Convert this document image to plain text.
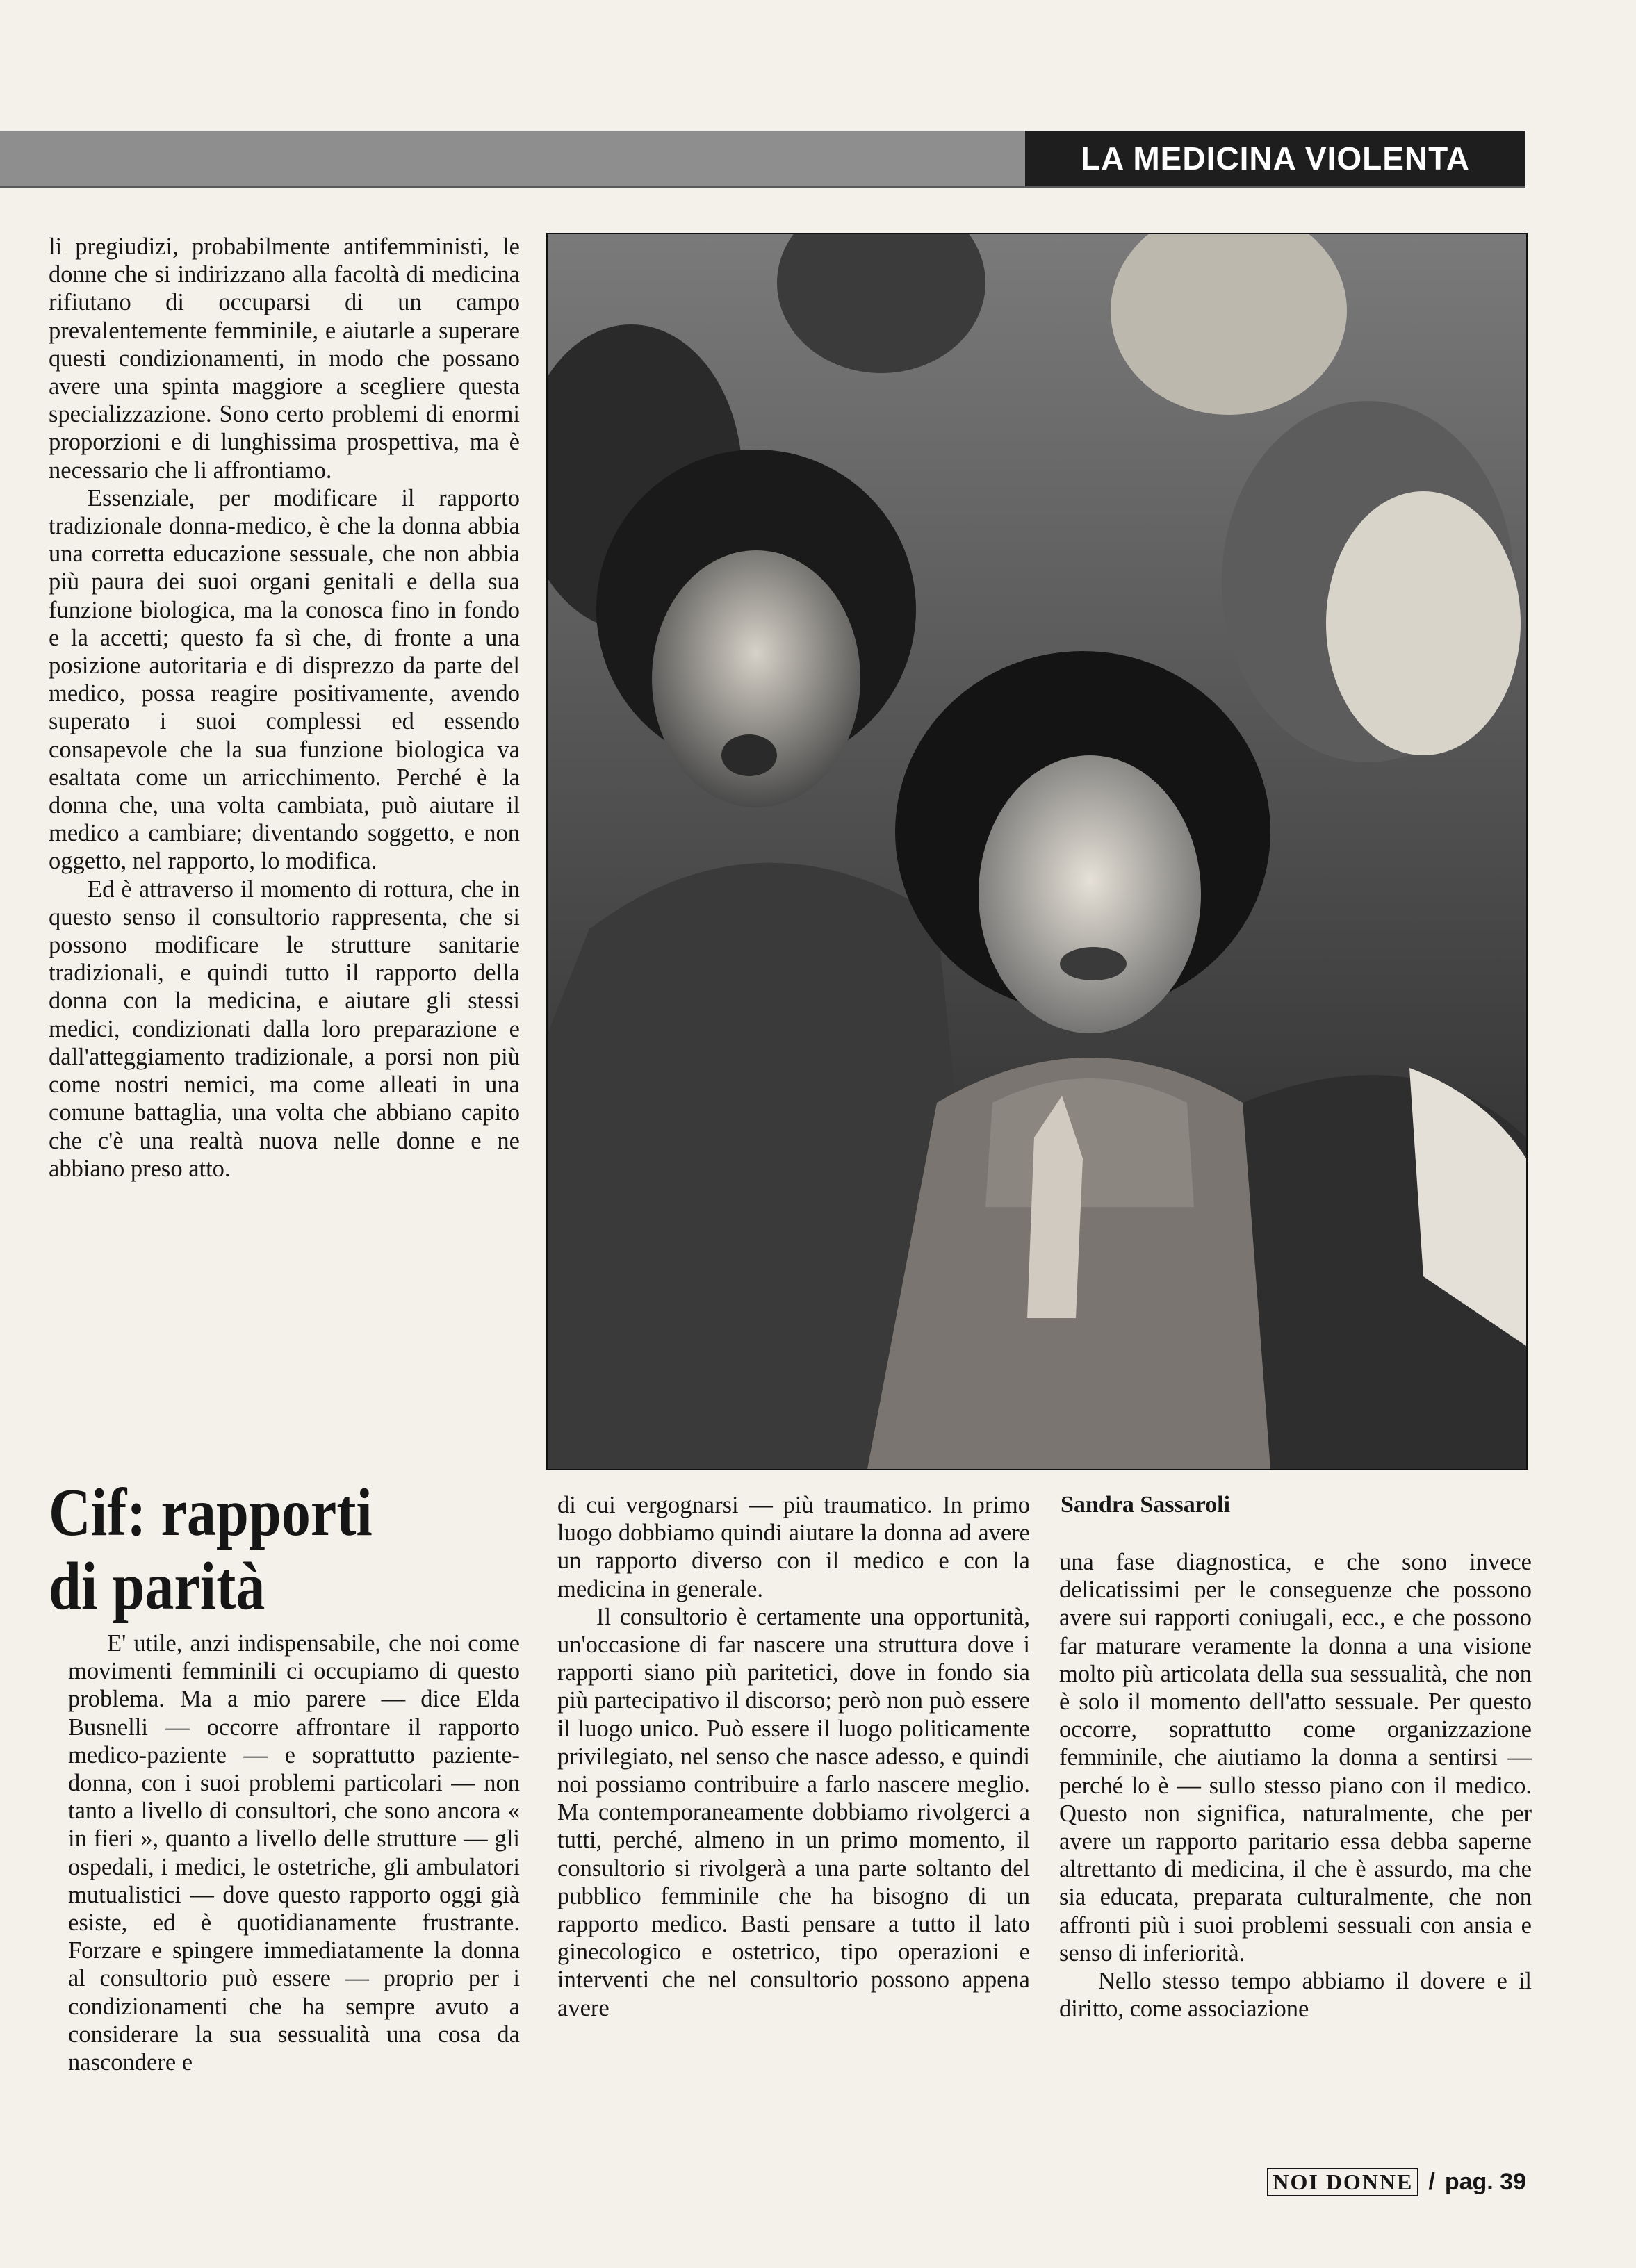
LA MEDICINA VIOLENTA

li pregiudizi, probabilmente antifemministi, le donne che si indirizzano alla facoltà di medicina rifiutano di occuparsi di un campo prevalentemente femminile, e aiutarle a superare questi condizionamenti, in modo che possano avere una spinta maggiore a scegliere questa specializzazione. Sono certo problemi di enormi proporzioni e di lunghissima prospettiva, ma è necessario che li affrontiamo.

Essenziale, per modificare il rapporto tradizionale donna-medico, è che la donna abbia una corretta educazione sessuale, che non abbia più paura dei suoi organi genitali e della sua funzione biologica, ma la conosca fino in fondo e la accetti; questo fa sì che, di fronte a una posizione autoritaria e di disprezzo da parte del medico, possa reagire positivamente, avendo superato i suoi complessi ed essendo consapevole che la sua funzione biologica va esaltata come un arricchimento. Perché è la donna che, una volta cambiata, può aiutare il medico a cambiare; diventando soggetto, e non oggetto, nel rapporto, lo modifica.

Ed è attraverso il momento di rottura, che in questo senso il consultorio rappresenta, che si possono modificare le strutture sanitarie tradizionali, e quindi tutto il rapporto della donna con la medicina, e aiutare gli stessi medici, condizionati dalla loro preparazione e dall'atteggiamento tradizionale, a porsi non più come nostri nemici, ma come alleati in una comune battaglia, una volta che abbiano capito che c'è una realtà nuova nelle donne e ne abbiano preso atto.

Cif: rapporti
di parità

E' utile, anzi indispensabile, che noi come movimenti femminili ci occupiamo di questo problema. Ma a mio parere — dice Elda Busnelli — occorre affrontare il rapporto medico-paziente — e soprattutto paziente-donna, con i suoi problemi particolari — non tanto a livello di consultori, che sono ancora « in fieri », quanto a livello delle strutture — gli ospedali, i medici, le ostetriche, gli ambulatori mutualistici — dove questo rapporto oggi già esiste, ed è quotidianamente frustrante. Forzare e spingere immediatamente la donna al consultorio può essere — proprio per i condizionamenti che ha sempre avuto a considerare la sua sessualità una cosa da nascondere e

di cui vergognarsi — più traumatico. In primo luogo dobbiamo quindi aiutare la donna ad avere un rapporto diverso con il medico e con la medicina in generale.

Il consultorio è certamente una opportunità, un'occasione di far nascere una struttura dove i rapporti siano più paritetici, dove in fondo sia più partecipativo il discorso; però non può essere il luogo unico. Può essere il luogo politicamente privilegiato, nel senso che nasce adesso, e quindi noi possiamo contribuire a farlo nascere meglio. Ma contemporaneamente dobbiamo rivolgerci a tutti, perché, almeno in un primo momento, il consultorio si rivolgerà a una parte soltanto del pubblico femminile che ha bisogno di un rapporto medico. Basti pensare a tutto il lato ginecologico e ostetrico, tipo operazioni e interventi che nel consultorio possono appena avere

Sandra Sassaroli

una fase diagnostica, e che sono invece delicatissimi per le conseguenze che possono avere sui rapporti coniugali, ecc., e che possono far maturare veramente la donna a una visione molto più articolata della sua sessualità, che non è solo il momento dell'atto sessuale. Per questo occorre, soprattutto come organizzazione femminile, che aiutiamo la donna a sentirsi — perché lo è — sullo stesso piano con il medico. Questo non significa, naturalmente, che per avere un rapporto paritario essa debba saperne altrettanto di medicina, il che è assurdo, ma che sia educata, preparata culturalmente, che non affronti più i suoi problemi sessuali con ansia e senso di inferiorità.

Nello stesso tempo abbiamo il dovere e il diritto, come associazione

NOI DONNE / pag. 39
